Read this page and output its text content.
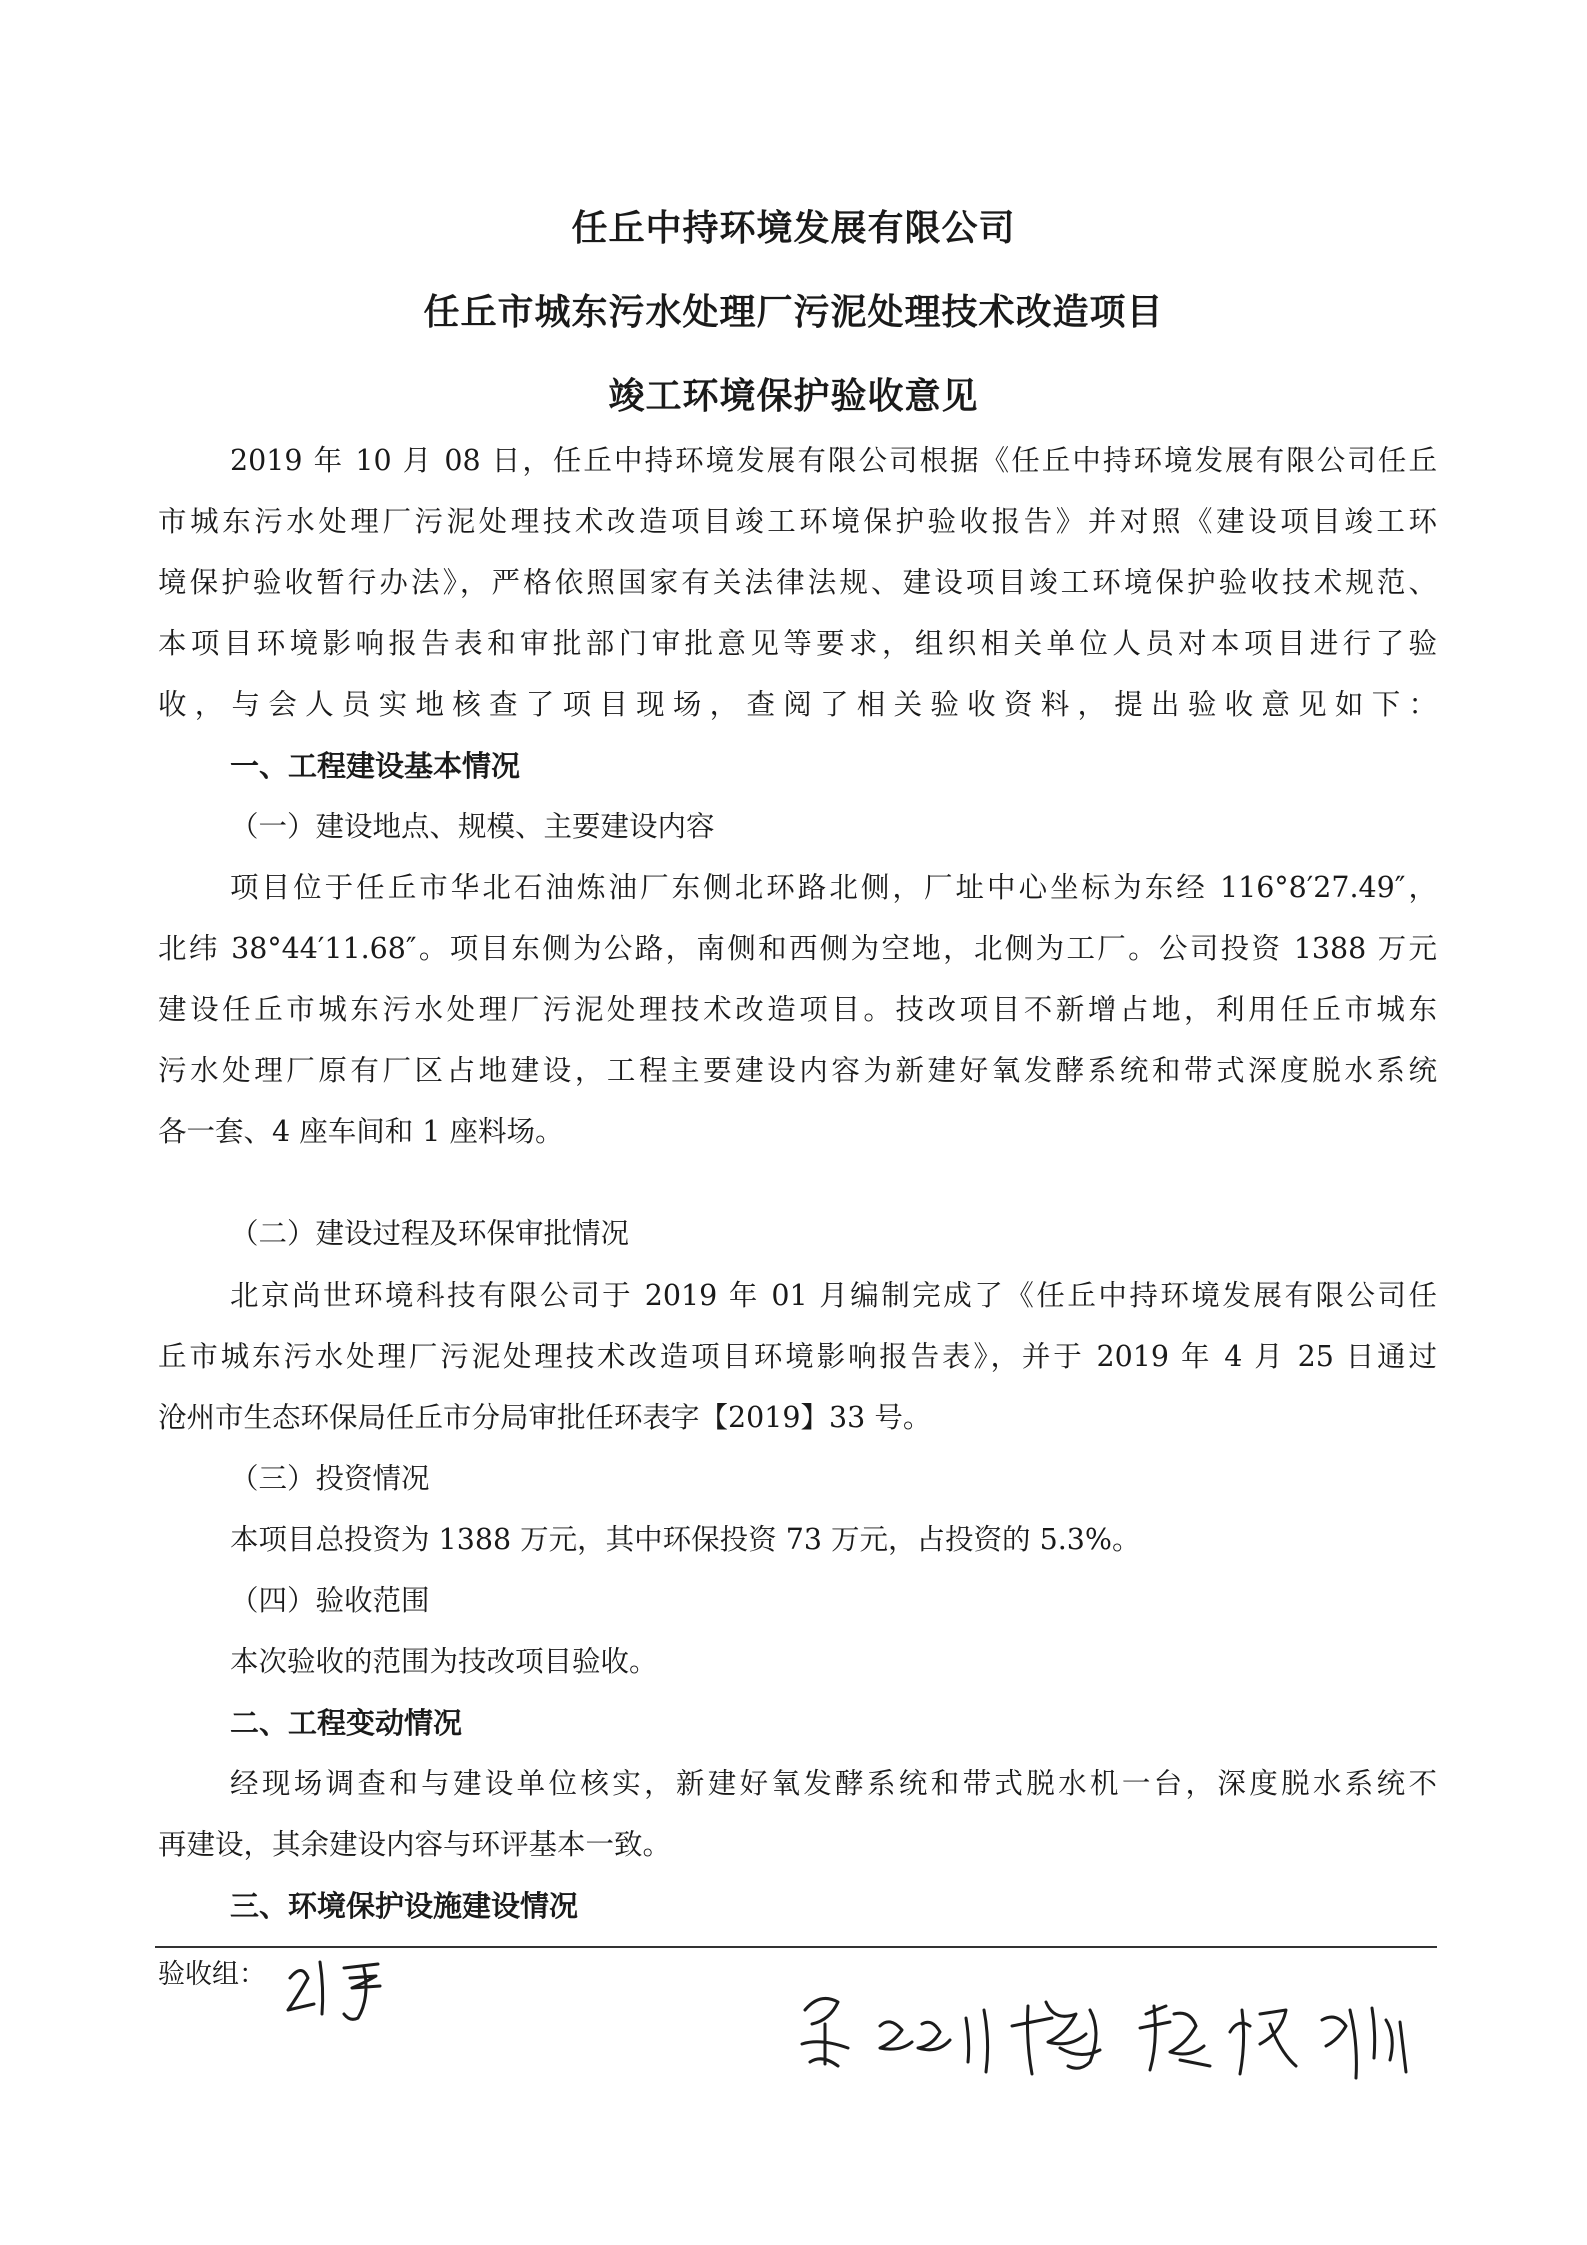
任丘中持环境发展有限公司
任丘市城东污水处理厂污泥处理技术改造项目
竣工环境保护验收意见
2019 年 10 月 08 日，任丘中持环境发展有限公司根据《任丘中持环境发展有限公司任丘
市城东污水处理厂污泥处理技术改造项目竣工环境保护验收报告》并对照《建设项目竣工环
境保护验收暂行办法》，严格依照国家有关法律法规、建设项目竣工环境保护验收技术规范、
本项目环境影响报告表和审批部门审批意见等要求，组织相关单位人员对本项目进行了验
收，与会人员实地核查了项目现场，查阅了相关验收资料，提出验收意见如下：
一、工程建设基本情况
（一）建设地点、规模、主要建设内容
项目位于任丘市华北石油炼油厂东侧北环路北侧，厂址中心坐标为东经 116°8′27.49″，
北纬 38°44′11.68″。项目东侧为公路，南侧和西侧为空地，北侧为工厂。公司投资 1388 万元
建设任丘市城东污水处理厂污泥处理技术改造项目。技改项目不新增占地，利用任丘市城东
污水处理厂原有厂区占地建设，工程主要建设内容为新建好氧发酵系统和带式深度脱水系统
各一套、4 座车间和 1 座料场。
（二）建设过程及环保审批情况
北京尚世环境科技有限公司于 2019 年 01 月编制完成了《任丘中持环境发展有限公司任
丘市城东污水处理厂污泥处理技术改造项目环境影响报告表》，并于 2019 年 4 月 25 日通过
沧州市生态环保局任丘市分局审批任环表字【2019】33 号。
（三）投资情况
本项目总投资为 1388 万元，其中环保投资 73 万元，占投资的 5.3%。
（四）验收范围
本次验收的范围为技改项目验收。
二、工程变动情况
经现场调查和与建设单位核实，新建好氧发酵系统和带式脱水机一台，深度脱水系统不
再建设，其余建设内容与环评基本一致。
三、环境保护设施建设情况
验收组：
